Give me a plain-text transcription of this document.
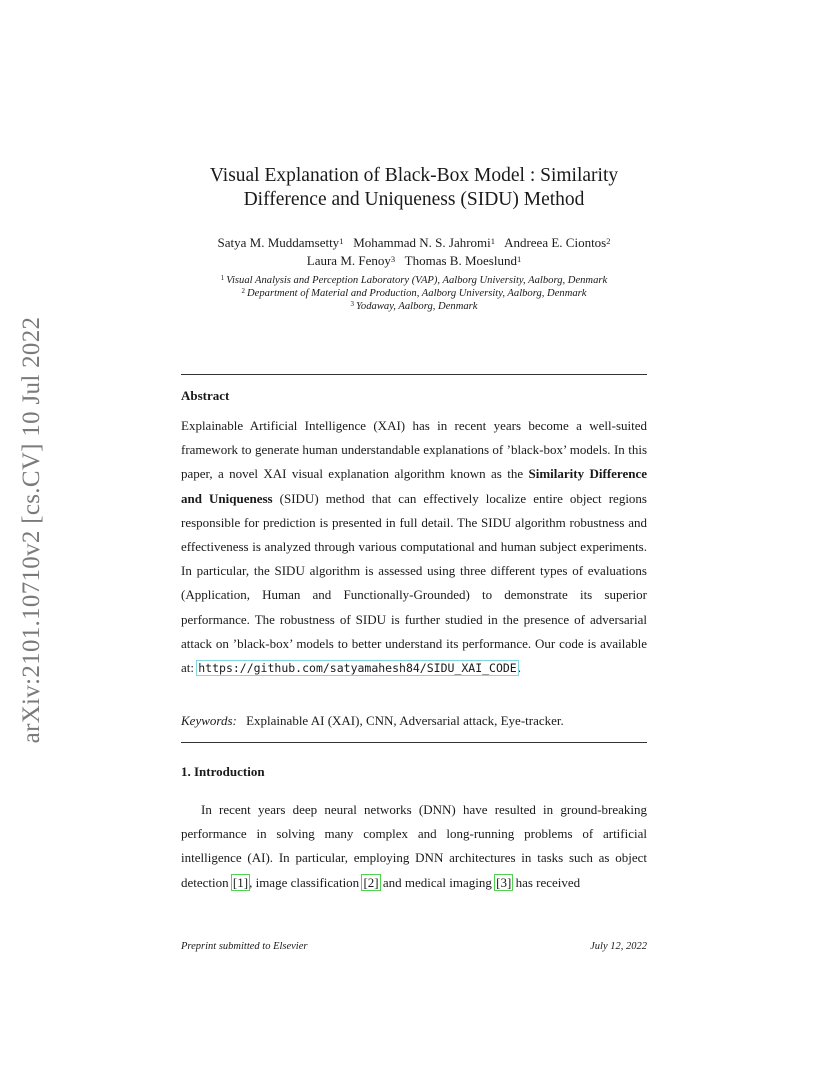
arXiv:2101.10710v2 [cs.CV] 10 Jul 2022
Visual Explanation of Black-Box Model : Similarity
Difference and Uniqueness (SIDU) Method
Satya M. Muddamsetty$^1$ Mohammad N. S. Jahromi$^1$ Andreea E. Ciontos$^2$
Laura M. Fenoy$^3$ Thomas B. Moeslund$^1$
$^1$ Visual Analysis and Perception Laboratory (VAP), Aalborg University, Aalborg, Denmark
$^2$ Department of Material and Production, Aalborg University, Aalborg, Denmark
$^3$ Yodaway, Aalborg, Denmark
Abstract
Explainable Artificial Intelligence (XAI) has in recent years become a well-suited framework to generate human understandable explanations of ’black-box’ models. In this paper, a novel XAI visual explanation algorithm known as the Similarity Difference and Uniqueness (SIDU) method that can effectively localize entire object regions responsible for prediction is presented in full detail. The SIDU algorithm robustness and effectiveness is analyzed through various computational and human subject experiments. In particular, the SIDU algorithm is assessed using three different types of evaluations (Application, Human and Functionally-Grounded) to demonstrate its superior performance. The robustness of SIDU is further studied in the presence of adversarial attack on ’black-box’ models to better understand its performance. Our code is available at: https://github.com/satyamahesh84/SIDU_XAI_CODE.
Keywords: Explainable AI (XAI), CNN, Adversarial attack, Eye-tracker.
1. Introduction
In recent years deep neural networks (DNN) have resulted in ground-breaking performance in solving many complex and long-running problems of artificial intelligence (AI). In particular, employing DNN architectures in tasks such as object detection [1], image classification [2] and medical imaging [3] has received
Preprint submitted to Elsevier	July 12, 2022
